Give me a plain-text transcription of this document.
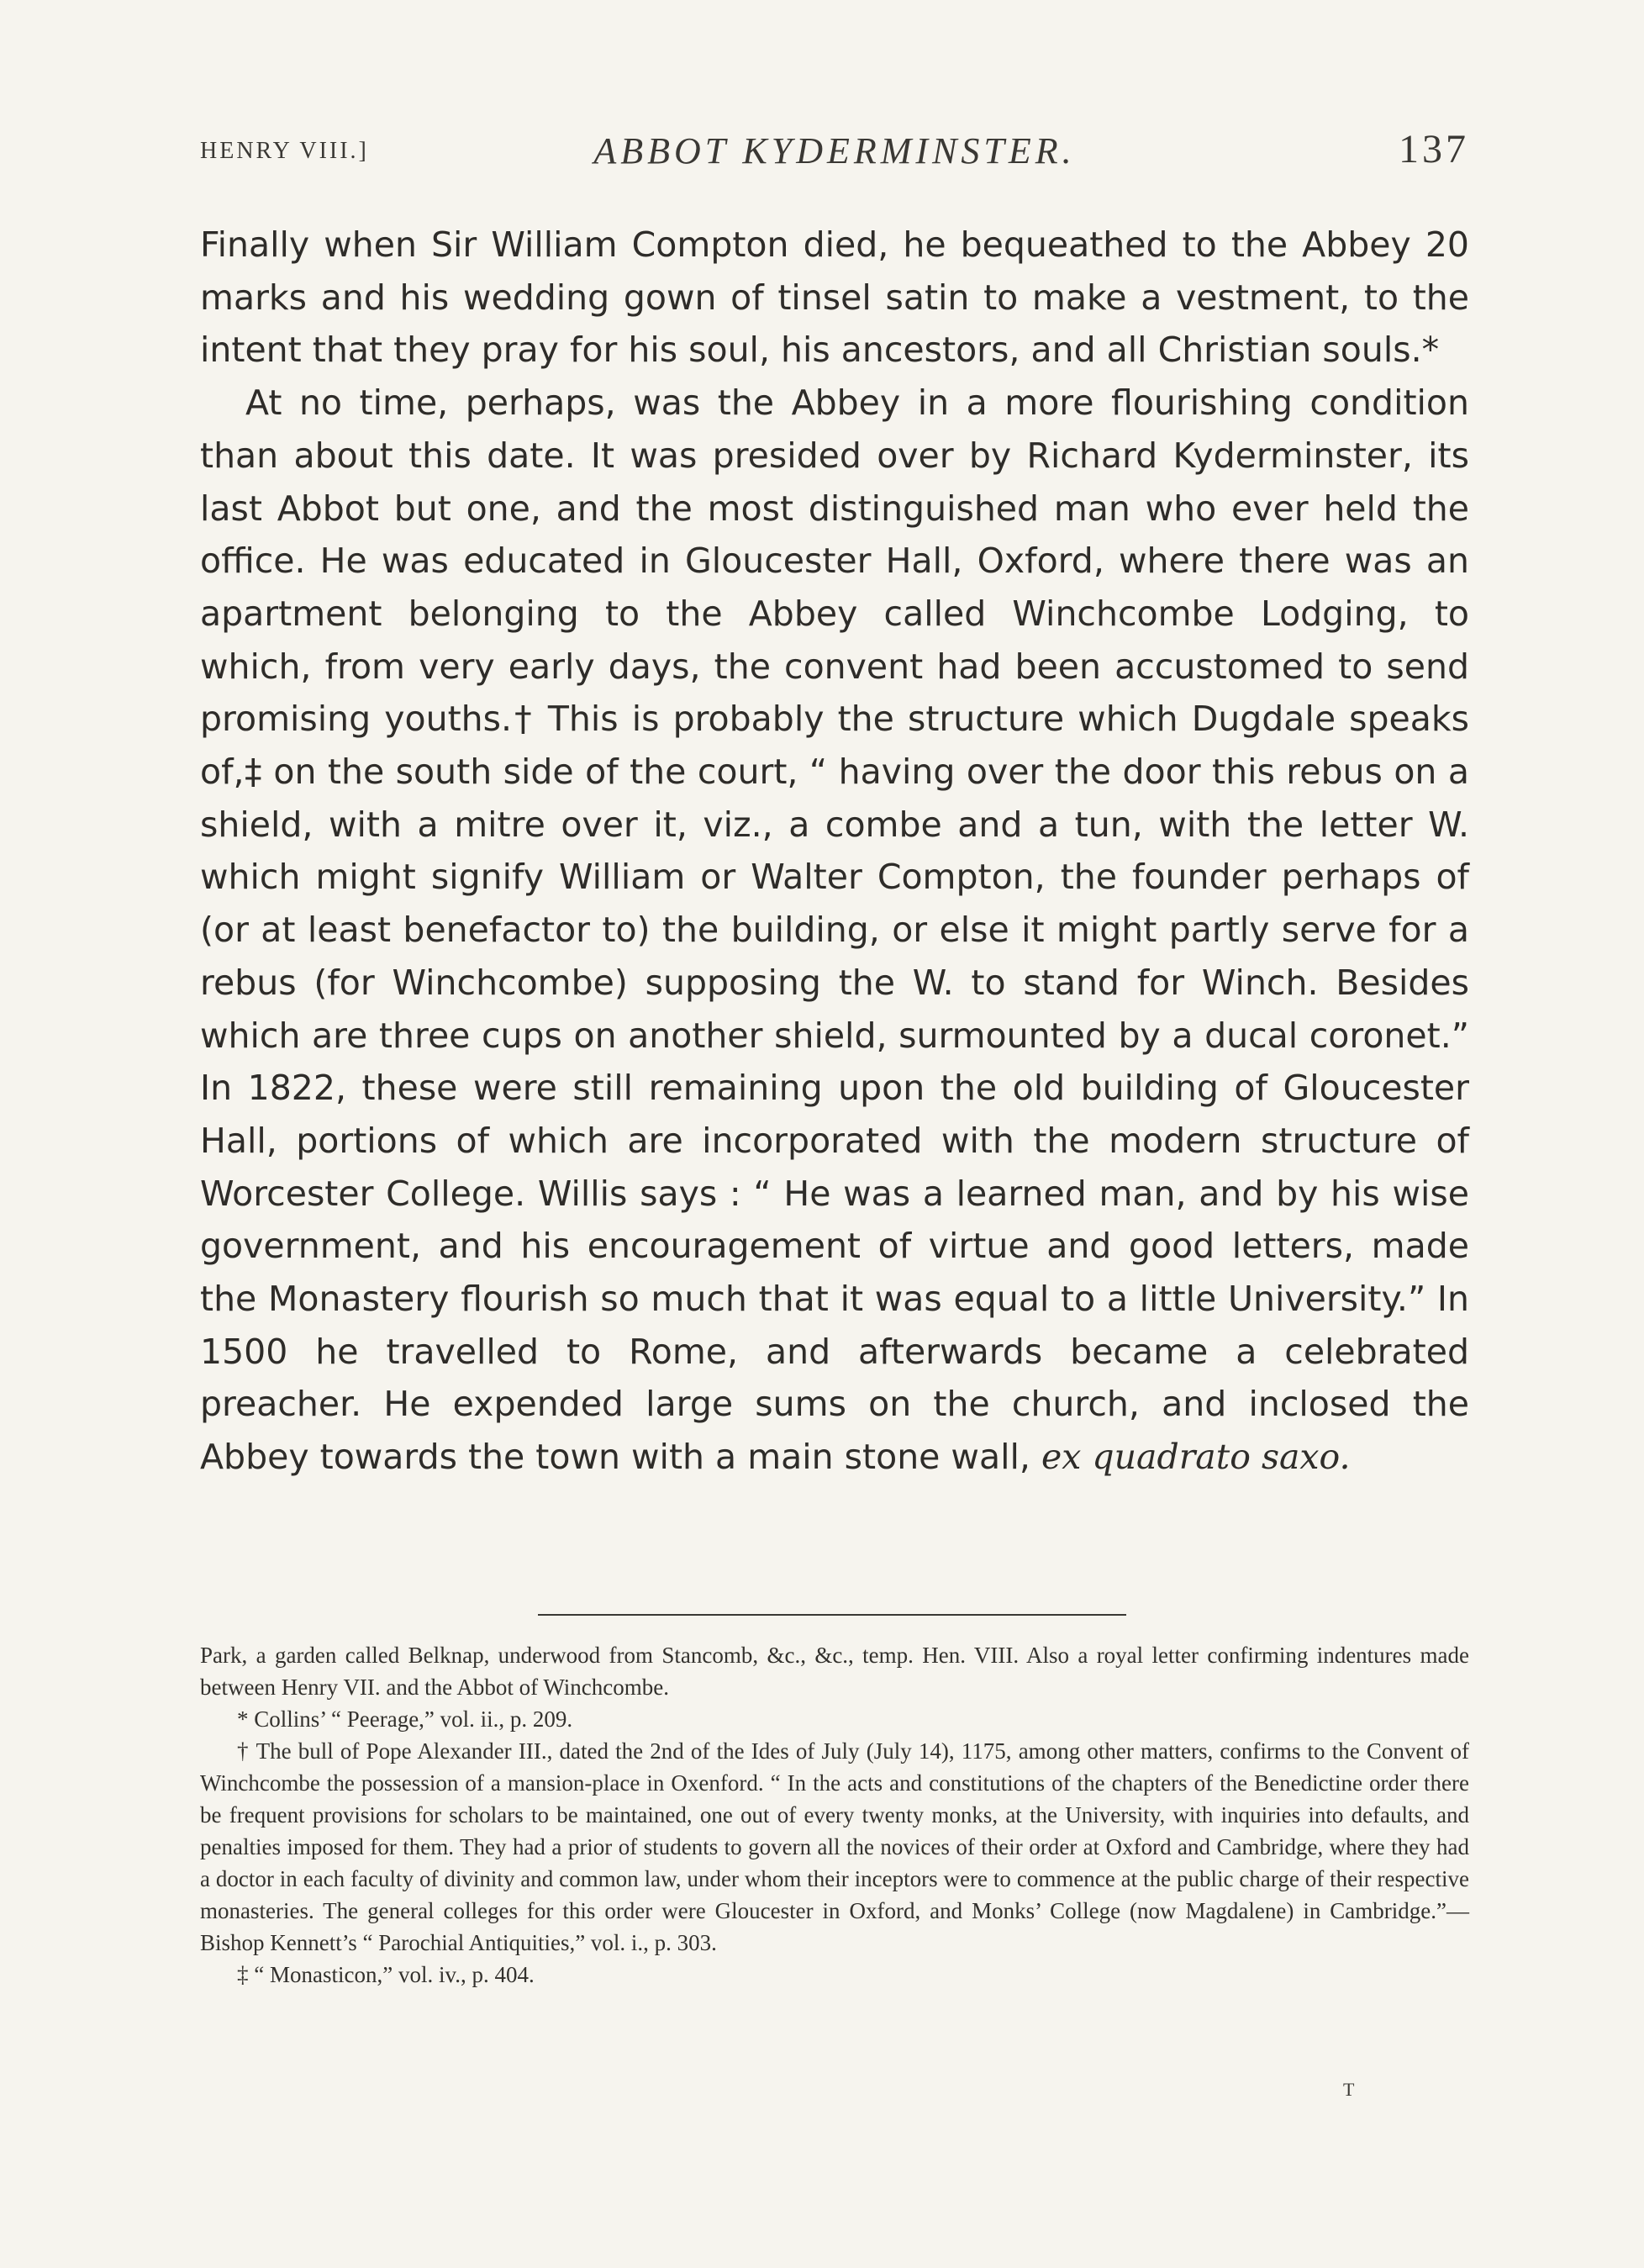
HENRY VIII.]	ABBOT KYDERMINSTER.	137

Finally when Sir William Compton died, he bequeathed to the Abbey 20 marks and his wedding gown of tinsel satin to make a vestment, to the intent that they pray for his soul, his ancestors, and all Christian souls.*

At no time, perhaps, was the Abbey in a more flourishing condition than about this date. It was presided over by Richard Kyderminster, its last Abbot but one, and the most distinguished man who ever held the office. He was educated in Gloucester Hall, Oxford, where there was an apartment belonging to the Abbey called Winchcombe Lodging, to which, from very early days, the convent had been accustomed to send promising youths.† This is probably the structure which Dugdale speaks of,‡ on the south side of the court, “ having over the door this rebus on a shield, with a mitre over it, viz., a combe and a tun, with the letter W. which might signify William or Walter Compton, the founder perhaps of (or at least benefactor to) the building, or else it might partly serve for a rebus (for Winchcombe) supposing the W. to stand for Winch. Besides which are three cups on another shield, surmounted by a ducal coronet.” In 1822, these were still remaining upon the old building of Gloucester Hall, portions of which are incorporated with the modern structure of Worcester College. Willis says : “ He was a learned man, and by his wise government, and his encouragement of virtue and good letters, made the Monastery flourish so much that it was equal to a little University.” In 1500 he travelled to Rome, and afterwards became a celebrated preacher. He expended large sums on the church, and inclosed the Abbey towards the town with a main stone wall, ex quadrato saxo.

Park, a garden called Belknap, underwood from Stancomb, &c., &c., temp. Hen. VIII. Also a royal letter confirming indentures made between Henry VII. and the Abbot of Winchcombe.

* Collins’ “ Peerage,” vol. ii., p. 209.

† The bull of Pope Alexander III., dated the 2nd of the Ides of July (July 14), 1175, among other matters, confirms to the Convent of Winchcombe the possession of a mansion-place in Oxenford. “ In the acts and constitutions of the chapters of the Benedictine order there be frequent provisions for scholars to be maintained, one out of every twenty monks, at the University, with inquiries into defaults, and penalties imposed for them. They had a prior of students to govern all the novices of their order at Oxford and Cambridge, where they had a doctor in each faculty of divinity and common law, under whom their inceptors were to commence at the public charge of their respective monasteries. The general colleges for this order were Gloucester in Oxford, and Monks’ College (now Magdalene) in Cambridge.”— Bishop Kennett’s “ Parochial Antiquities,” vol. i., p. 303.

‡ “ Monasticon,” vol. iv., p. 404.

T
